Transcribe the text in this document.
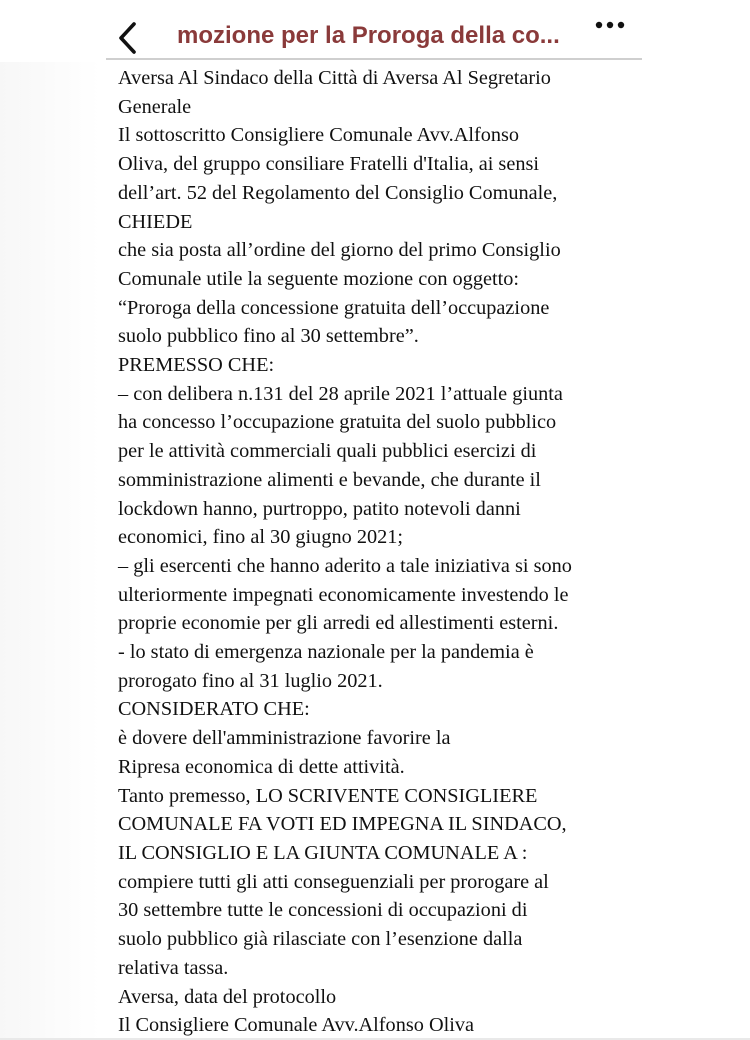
mozione per la Proroga della co...
Aversa Al Sindaco della Città di Aversa Al Segretario
Generale
Il sottoscritto Consigliere Comunale Avv.Alfonso
Oliva, del gruppo consiliare Fratelli d'Italia, ai sensi
dell’art. 52 del Regolamento del Consiglio Comunale,
CHIEDE
che sia posta all’ordine del giorno del primo Consiglio
Comunale utile la seguente mozione con oggetto:
“Proroga della concessione gratuita dell’occupazione
suolo pubblico fino al 30 settembre”.
PREMESSO CHE:
– con delibera n.131 del 28 aprile 2021 l’attuale giunta
ha concesso l’occupazione gratuita del suolo pubblico
per le attività commerciali quali pubblici esercizi di
somministrazione alimenti e bevande, che durante il
lockdown hanno, purtroppo, patito notevoli danni
economici, fino al 30 giugno 2021;
– gli esercenti che hanno aderito a tale iniziativa si sono
ulteriormente impegnati economicamente investendo le
proprie economie per gli arredi ed allestimenti esterni.
- lo stato di emergenza nazionale per la pandemia è
prorogato fino al 31 luglio 2021.
CONSIDERATO CHE:
è dovere dell'amministrazione favorire la
Ripresa economica di dette attività.
Tanto premesso, LO SCRIVENTE CONSIGLIERE
COMUNALE FA VOTI ED IMPEGNA IL SINDACO,
IL CONSIGLIO E LA GIUNTA COMUNALE A :
compiere tutti gli atti conseguenziali per prorogare al
30 settembre tutte le concessioni di occupazioni di
suolo pubblico già rilasciate con l’esenzione dalla
relativa tassa.
Aversa, data del protocollo
Il Consigliere Comunale Avv.Alfonso Oliva
